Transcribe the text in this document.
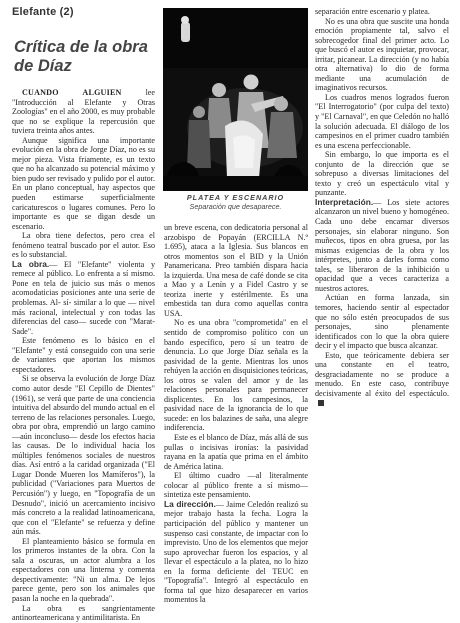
Elefante (2)
Crítica de la obra de Díaz

CUANDO ALGUIEN	lee "Introducción al Elefante y Otras Zoologías" en el año 2000, es muy probable que no se explique la repercusión que tuviera treinta años antes.

Aunque significa una importante evolución en la obra de Jorge Díaz, no es su mejor pieza. Vista friamente, es un texto que no ha alcanzado su potencial máximo y bien pudo ser revisado y pulido por el autor. En un plano conceptual, hay aspectos que pueden estimarse superficialmente caricaturescos o lugares comunes. Pero lo importante es que se digan desde un escenario.

La obra tiene defectos, pero crea el fenómeno teatral buscado por el autor. Eso es lo substancial.

La obra.— El "Elefante" violenta y remece al público. Lo enfrenta a sí mismo. Pone en tela de juicio sus más o menos acomodaticias posiciones ante una serie de problemas. Al- sí- similar a lo que — nivel más racional, intelectual y con todas las diferencias del caso— sucede con "Marat-Sade".

Este fenómeno es lo básico en el "Elefante" y está conseguido con una serie de variantes que aportan los mismos espectadores.

Si se observa la evolución de Jorge Díaz como autor desde "El Cepillo de Dientes" (1961), se verá que parte de una conciencia intuitiva del absurdo del mundo actual en el terreno de las relaciones personales. Luego, obra por obra, emprendió un largo camino —aún inconcluso— desde los efectos hacia las causas. De lo individual hacia los múltiples fenómenos sociales de nuestros días. Así entró a la caridad organizada ("El Lugar Donde Mueren los Mamíferos"), la publicidad ("Variaciones para Muertos de Percusión") y luego, en "Topografía de un Desnudo", inició un acercamiento incisivo más concreto a la realidad latinoamericana, que con el "Elefante" se refuerza y define aún más.

El planteamiento básico se formula en los primeros instantes de la obra. Con la sala a oscuras, un actor alumbra a los espectadores con una linterna y comenta despectivamente: "Ni un alma. De lejos parece gente, pero son los animales que pasan la noche en la quebrada".

La obra es sangrientamente antinorteamericana y antimilitarista. En

PLATEA Y ESCENARIO
Separación que desaparece.

un breve escena, con dedicatoria personal al arzobispo de Popayán (ERCILLA N.º 1.695), ataca a la Iglesia. Sus blancos en otros momentos son el BID y la Unión Panamericana. Preo también dispara hacia la izquierda. Una mesa de café donde se cita a Mao y a Lenín y a Fidel Castro y se teoriza inerte y estérilmente. Es una embestida tan dura como aquellas contra USA.

No es una obra "comprometida" en el sentido de compromiso político con un bando específico, pero sí un teatro de denuncia. Lo que Jorge Díaz señala es la pasividad de la gente. Mientras los unos rehúyen la acción en disquisiciones teóricas, los otros se valen del amor y de las relaciones personales para permanecer displicentes. En los campesinos, la pasividad nace de la ignorancia de lo que sucede: en los balazines de saña, una alegre indiferencia.

Este es el blanco de Díaz, más allá de sus pullas o incisivas ironías: la pasividad rayana en la apatía que prima en el ámbito de América latina.

El último cuadro —al literalmente colocar al público frente a sí mismo— sintetiza este pensamiento.

La dirección.— Jaime Celedón realizó su mejor trabajo hasta la fecha. Logra la participación del público y mantener un suspenso casi constante, de impactar con lo imprevisto. Uno de los elementos que mejor supo aprovechar fueron los espacios, y al llevar el espectáculo a la platea, no lo hizo en la forma deficiente del TEUC en "Topografía". Integró al espectáculo en forma tal que hizo desaparecer en varios momentos la

separación entre escenario y platea.

No es una obra que suscite una honda emoción propiamente tal, salvo el sobrecogedor final del primer acto. Lo que buscó el autor es inquietar, provocar, irritar, picanear. La dirección (y no había otra alternativa) lo dio de forma mediante una acumulación de imaginativos recursos.

Los cuadros menos logrados fueron "El Interrogatorio" (por culpa del texto) y "El Carnaval", en que Celedón no halló la solución adecuada. El diálogo de los campesinos en el primer cuadro también es una escena perfeccionable.

Sin embargo, lo que importa es el conjunto de la dirección que se sobrepuso a diversas limitaciones del texto y creó un espectáculo vital y punzante.

Interpretación.— Los siete actores alcanzaron un nivel bueno y homogéneo. Cada uno debe encarnar diversos personajes, sin elaborar ninguno. Son muñecos, tipos en obra gruesa, por las mismas exigencias de la obra y los intérpretes, junto a darles forma como tales, se liberaron de la inhibición u opacidad que a veces caracteriza a nuestros actores.

Actúan en forma lanzada, sin temores, haciendo sentir al espectador que no sólo estén preocupados de sus personajes, sino plenamente identificados con lo que la obra quiere decir y el impacto que busca alcanzar.

Esto, que teóricamente debiera ser una constante en el teatro, desgraciadamente no se produce a menudo. En este caso, contribuye decisivamente al éxito del espectáculo.
